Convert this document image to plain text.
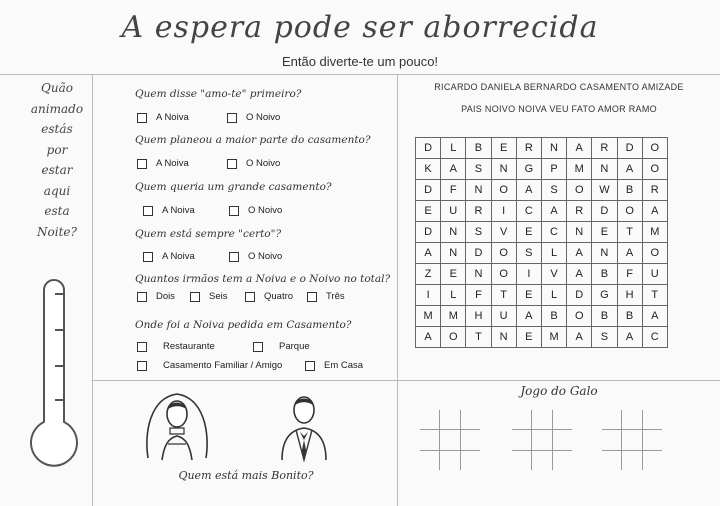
A espera pode ser aborrecida
Então diverte-te um pouco!
Quão
animado
estás
por
estar
aqui
esta
Noite?
Quem disse "amo-te" primeiro?
A Noiva	O Noivo
Quem planeou a maior parte do casamento?
A Noiva	O Noivo
Quem queria um grande casamento?
A Noiva	O Noivo
Quem está sempre "certo"?
A Noiva	O Noivo
Quantos irmãos tem a Noiva e o Noivo no total?
Dois	Seis	Quatro	Três
Onde foi a Noiva pedida em Casamento?
Restaurante	Parque
Casamento Familiar / Amigo	Em Casa
RICARDO DANIELA BERNARDO CASAMENTO AMIZADE
PAIS NOIVO NOIVA VEU FATO AMOR RAMO
D	L	B	E	R	N	A	R	D	O
K	A	S	N	G	P	M	N	A	O
D	F	N	O	A	S	O	W	B	R
E	U	R	I	C	A	R	D	O	A
D	N	S	V	E	C	N	E	T	M
A	N	D	O	S	L	A	N	A	O
Z	E	N	O	I	V	A	B	F	U
I	L	F	T	E	L	D	G	H	T
M	M	H	U	A	B	O	B	B	A
A	O	T	N	E	M	A	S	A	C
Quem está mais Bonito?
Jogo do Galo
